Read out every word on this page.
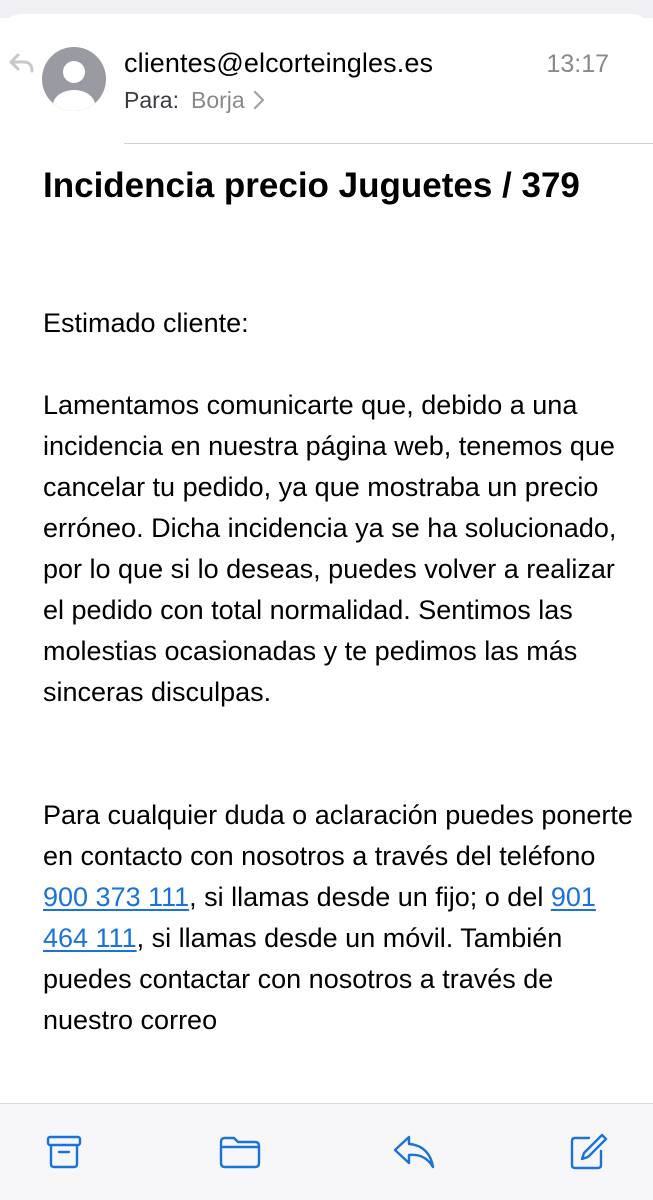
clientes@elcorteingles.es	13:17
Para: Borja
Incidencia precio Juguetes / 379

Estimado cliente:

Lamentamos comunicarte que, debido a una incidencia en nuestra página web, tenemos que cancelar tu pedido, ya que mostraba un precio erróneo. Dicha incidencia ya se ha solucionado, por lo que si lo deseas, puedes volver a realizar el pedido con total normalidad. Sentimos las molestias ocasionadas y te pedimos las más sinceras disculpas.

Para cualquier duda o aclaración puedes ponerte en contacto con nosotros a través del teléfono 900 373 111, si llamas desde un fijo; o del 901 464 111, si llamas desde un móvil. También puedes contactar con nosotros a través de nuestro correo
